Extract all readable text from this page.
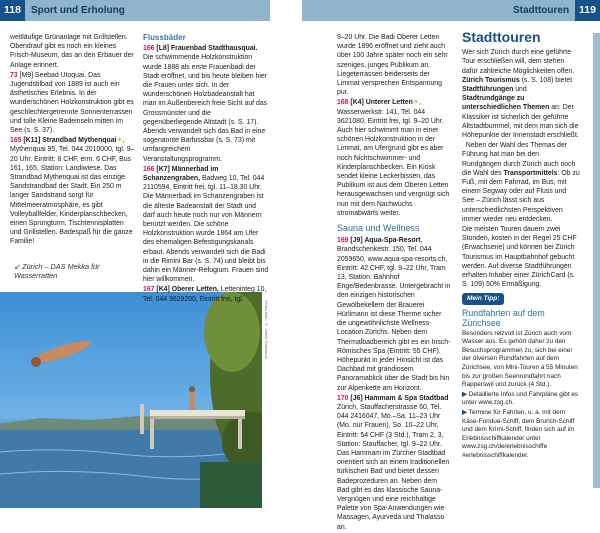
118	Sport und Erholung	Stadttouren 119

weitläufige Grünanlage mit Grillstellen. Obendrauf gibt es noch ein kleines Frisch-Museum, das an den Erbauer der Anlage erinnert.

73 [M9] Seebad Utoquai. Das Jugendstilbad von 1889 ist auch ein ästhetisches Erlebnis. In der wunderschönen Holzkonstruktion gibt es geschlechtergetrennte Sonnenterrassen und tolle Kleine Badeinseln mitten im See (s. S. 37).

165 [K11] Strandbad Mythenquai☀, Mythenquai 95, Tel. 044 2010000, tgl. 9–20 Uhr. Eintritt: 8 CHF, erm. 6 CHF, Bus 161, 165, Station: Landiwiese. Das Strandbad Mythenquai ist das einzige Sandstrandbad der Stadt. Ein 250 m langer Sandstrand sorgt für Mittelmeeratmosphäre, es gibt Volleyballfelder, Kinderplanschbecken, einen Sprungturm, Tischtennisplatten und Grillstellen. Badespaß für die ganze Familie!

⇙ Zürich – DAS Mekka für Wasserratten
133zu Abb.: © Zürich Tourismus
Flussbäder

166 [L8] Frauenbad Stadthausquai. Die schwimmende Holzkonstruktion wurde 1888 als erste Frauenbadi der Stadt eröffnet, und bis heute bleiben hier die Frauen unter sich. In der wunderschönen Holzbadeanstalt hat man im Außenbereich freie Sicht auf das Grossmünster und die gegenüberliegende Altstadt (s. S. 17). Abends verwandelt sich das Bad in eine sogenannte Barfussbar (s. S. 73) mit umfangreichem Veranstaltungsprogramm.

166 [K7] Männerbad im Schanzengraben, Badweg 10, Tel. 044 2110594, Eintritt frei, tgl. 11–18.30 Uhr. Die Männerbadi im Schanzengraben ist die älteste Badeanstalt der Stadt und darf auch heute noch nur von Männern benutzt werden. Die schöne Holzkonstruktion wurde 1864 am Ufer des ehemaligen Befestigungskanals erbaut. Abends verwandelt sich die Badi in die Rimini Bar (s. S. 74) und bleibt bis dahin ein Männer-Refugium. Frauen sind hier willkommen.

167 [K4] Oberer Letten, Letteninteg 10, Tel. 044 3629200, Eintritt frei, tgl.

9–20 Uhr. Die Badi Oberer Letten wurde 1896 eröffnet und zieht auch über 100 Jahre später noch ein sehr szeniges, junges Publikum an. Liegeterrassen beiderseits der Limmat versprechen Entspannung pur.

168 [K4] Unterer Letten☀, Wasserwerkstr. 141, Tel. 044 3621080, Eintritt frei, tgl. 9–20 Uhr. Auch hier schwimmt man in einer schönen Holzkonstruktion in der Limmat, am Ufergrund gibt es aber noch Nichtschwimmer- und Kinderplanschbecken. Ein Kiosk sendet kleine Leckerbissen, das Publikum ist aus dem Oberen Letten herausgewachsen und vergnügt sich nun mit dem Nachwuchs stromabwärts weiter.

Sauna und Wellness

169 [J9] Aqua-Spa-Resort, Brandschenkestr. 150, Tel. 044 2059650, www.aqua-spa-resorts.ch, Eintritt: 42 CHF, tgl. 9–22 Uhr, Tram 13, Station: Bahnhof Enge/Bedenbrasse. Untergebracht in den einzigen historischen Gewölbekellern der Brauerei Hürlimann ist diese Therme sicher die ungewöhnlichste Wellness-Location Zürichs. Neben dem Thermalbadbereich gibt es ein Irisch-Römisches Spa (Eintritt: 55 CHF). Höhepunkt in jeder Hinsicht ist das Dachbad mit grandiosem Panoramablick über die Stadt bis hin zur Alpenkette am Horizont.

170 [J6] Hammam & Spa Stadtbad Zürich, Stauffacherstrasse 60, Tel. 044 2416047, Mo.–Sa. 11–23 Uhr (Mo. nur Frauen), So. 10–22 Uhr, Eintritt: 54 CHF (3 Std.), Tram 2, 3, Station: Stauffacher, tgl. 9–22 Uhr. Das Hammam im Zürcher Stadtbad orientiert sich an einem traditionellen türkischen Bad und bietet dessen Badeprozeduren an. Neben dem Bad gibt es das klassische Sauna-Vergnügen und eine reichhaltige Palette von Spa-Anwendungen wie Massagen, Ayurveda und Thalasso an.

Stadttouren

Wer sich Zürich durch eine geführte Tour erschließen will, dem stehen dafür zahlreiche Möglichkeiten offen. Zürich Tourismus (s. S. 108) bietet Stadtführungen und Stadtrundgänge zu unterschiedlichen Themen an: Der Klassiker ist sicherlich der geführte Altstadtbummel, mit dem man sich die Höhepunkte der Innenstadt erschließt.

Neben der Wahl des Themas der Führung hat man bei den Rundgängen durch Zürich auch noch die Wahl des Transportmittels: Ob zu Fuß, mit dem Fahrrad, im Bus, mit einem Segway oder auf Fluss und See – Zürich lässt sich aus unterschiedlichsten Perspektiven immer wieder neu entdecken.

Die meisten Touren dauern zwei Stunden, kosten in der Regel 25 CHF (Erwachsene) und können bei Zürich Tourismus im Hauptbahnhof gebucht werden. Auf diverse Stadtführungen erhalten Inhaber einer ZürichCard (s. S. 109) 50% Ermäßigung.

Mein Tipp:
Rundfahrten auf dem Zürichsee

Besonders reizvoll ist Zürich auch vom Wasser aus. Es gehört daher zu den Besuchsprogrammen zu, sich bei einer der diversen Rundfahrten auf dem Zürichsee, von Mini-Touren à 55 Minuten bis zur großen Seenrundfahrt nach Rapperswil und zurück (4 Std.).

▶ Detaillierte Infos und Fahrpläne gibt es unter www.zsg.ch.

▶ Termine für Fahrten, u. a. mit dem Käse-Fondue-Schiff, dem Brunch-Schiff und dem Krimi-Schiff, finden sich auf im Erlebnisschiffkalender unter www.zsg.ch/de/erlebnisschiffe #erlebnisschiffkalender.
